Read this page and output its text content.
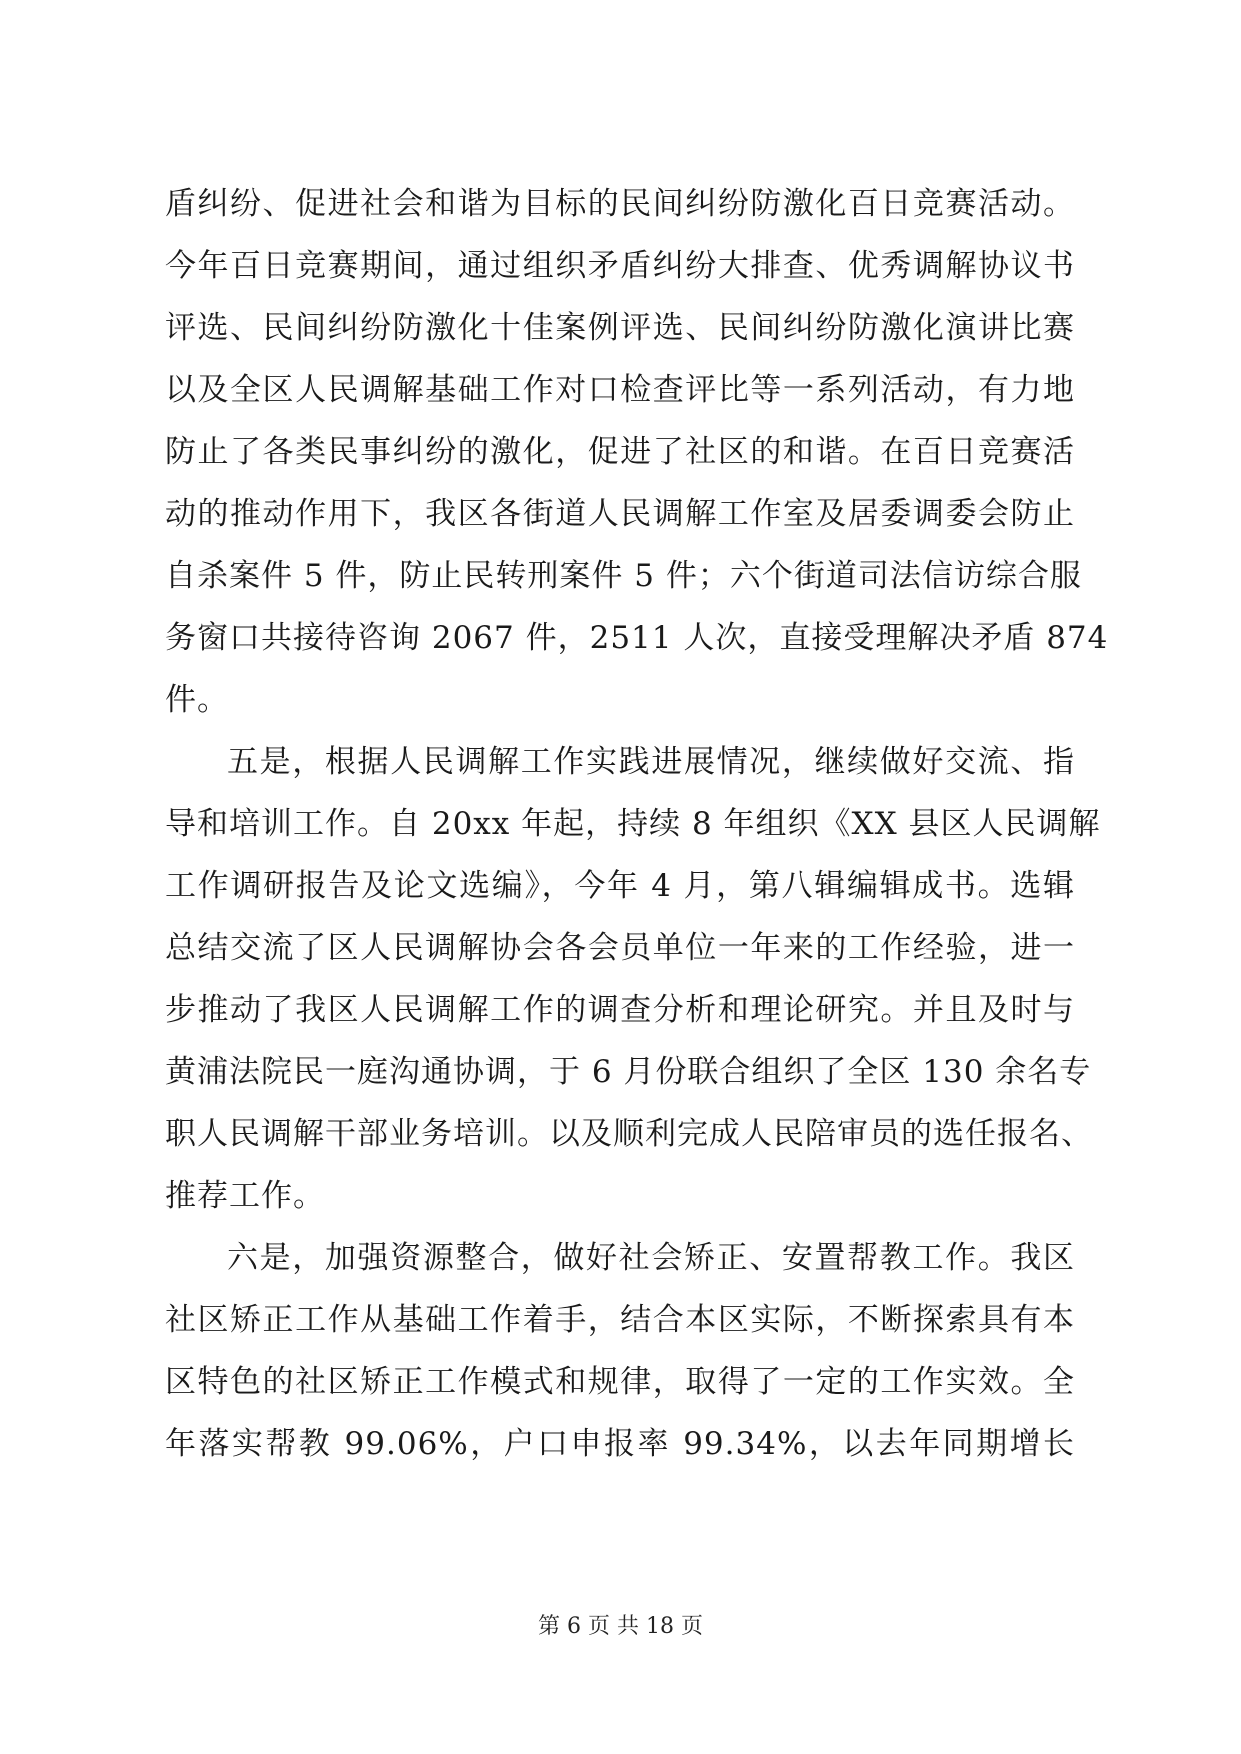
盾纠纷、促进社会和谐为目标的民间纠纷防激化百日竞赛活动。
今年百日竞赛期间，通过组织矛盾纠纷大排查、优秀调解协议书
评选、民间纠纷防激化十佳案例评选、民间纠纷防激化演讲比赛
以及全区人民调解基础工作对口检查评比等一系列活动，有力地
防止了各类民事纠纷的激化，促进了社区的和谐。在百日竞赛活
动的推动作用下，我区各街道人民调解工作室及居委调委会防止
自杀案件 5 件，防止民转刑案件 5 件；六个街道司法信访综合服
务窗口共接待咨询 2067 件，2511 人次，直接受理解决矛盾 874
件。
五是，根据人民调解工作实践进展情况，继续做好交流、指
导和培训工作。自 20xx 年起，持续 8 年组织《XX 县区人民调解
工作调研报告及论文选编》，今年 4 月，第八辑编辑成书。选辑
总结交流了区人民调解协会各会员单位一年来的工作经验，进一
步推动了我区人民调解工作的调查分析和理论研究。并且及时与
黄浦法院民一庭沟通协调，于 6 月份联合组织了全区 130 余名专
职人民调解干部业务培训。以及顺利完成人民陪审员的选任报名、
推荐工作。
六是，加强资源整合，做好社会矫正、安置帮教工作。我区
社区矫正工作从基础工作着手，结合本区实际，不断探索具有本
区特色的社区矫正工作模式和规律，取得了一定的工作实效。全
年落实帮教 99.06%，户口申报率 99.34%，以去年同期增长
第 6 页 共 18 页
